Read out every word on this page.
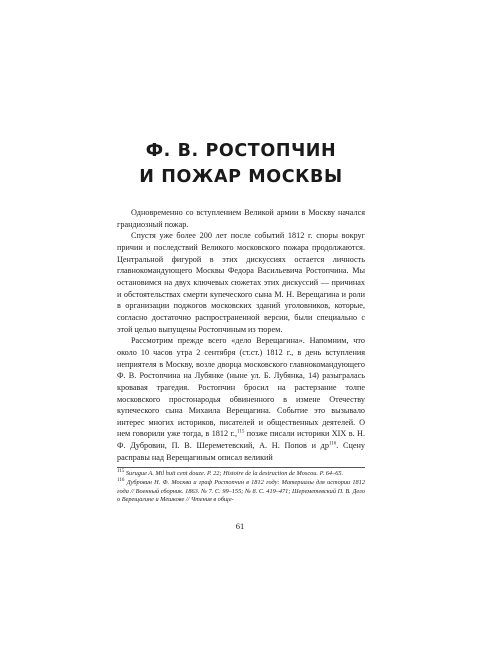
Ф. В. РОСТОПЧИН
И ПОЖАР МОСКВЫ

Одновременно со вступлением Великой армии в Москву начался грандиозный пожар.

Спустя уже более 200 лет после событий 1812 г. споры вокруг причин и последствий Великого московского пожара продолжаются. Центральной фигурой в этих дискуссиях остается личность главнокомандующего Москвы Федора Васильевича Ростопчина. Мы остановимся на двух ключевых сюжетах этих дискуссий — причинах и обстоятельствах смерти купеческого сына М. Н. Верещагина и роли в организации поджогов московских зданий уголовников, которые, согласно достаточно распространенной версии, были специально с этой целью выпущены Ростопчиным из тюрем.

Рассмотрим прежде всего «дело Верещагина». Напомним, что около 10 часов утра 2 сентября (ст.ст.) 1812 г., в день вступления неприятеля в Москву, возле дворца московского главнокомандующего Ф. В. Ростопчина на Лубянке (ныне ул. Б. Лубянка, 14) разыгралась кровавая трагедия. Ростопчин бросил на растерзание толпе московского простонародья обвиненного в измене Отечеству купеческого сына Михаила Верещагина. Событие это вызывало интерес многих историков, писателей и общественных деятелей. О нем говорили уже тогда, в 1812 г.,$^{115}$ позже писали историки XIX в. Н. Ф. Дубровин, П. В. Шереметевский, А. Н. Попов и $др^{116}$. Сцену расправы над Верещагиным описал великий

$^{115}$ Surugue A. Mil huit cent douze. P. 22; Histoire de la destruction de Moscou. P. 64–65.

$^{116}$ Дубровин Н. Ф. Москва и граф Ростопчин в 1812 году: Материалы для истории 1812 года // Военный сборник. 1863. № 7. С. 99–155; № 8. С. 419–471; Шереметевский П. В. Дело о Верещагине и Мешкове // Чтения в обще-

61
